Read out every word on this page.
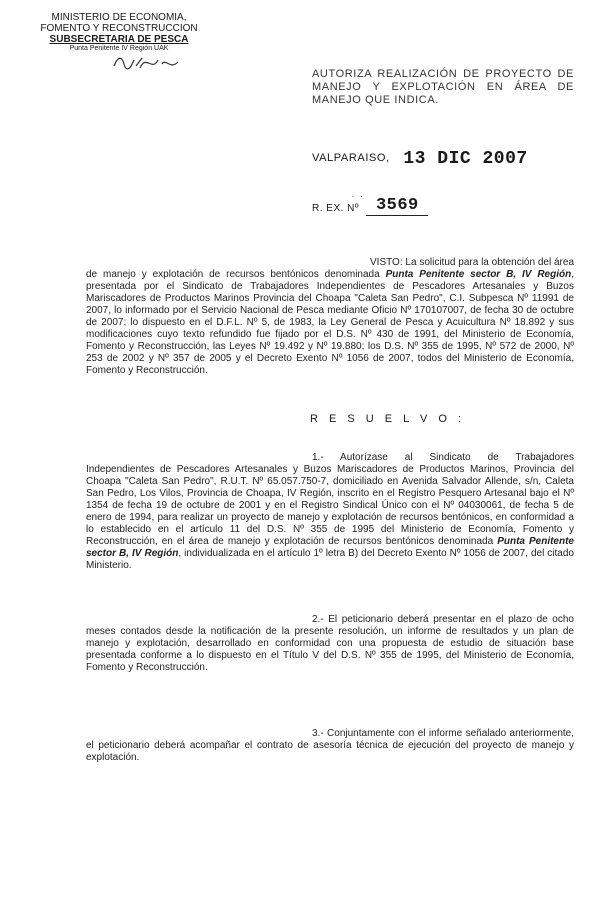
MINISTERIO DE ECONOMIA,
FOMENTO Y RECONSTRUCCION
SUBSECRETARIA DE PESCA
Punta Penitente IV Región UAK
AUTORIZA REALIZACIÓN DE PROYECTO DE MANEJO Y EXPLOTACIÓN EN ÁREA DE MANEJO QUE INDICA.
VALPARAISO, 13 DIC 2007
. .
R. EX. Nº 3569
VISTO: La solicitud para la obtención del área de manejo y explotación de recursos bentónicos denominada Punta Penitente sector B, IV Región, presentada por el Sindicato de Trabajadores Independientes de Pescadores Artesanales y Buzos Mariscadores de Productos Marinos Provincia del Choapa "Caleta San Pedro", C.I. Subpesca Nº 11991 de 2007, lo informado por el Servicio Nacional de Pesca mediante Oficio Nº 170107007, de fecha 30 de octubre de 2007; lo dispuesto en el D.F.L. Nº 5, de 1983, la Ley General de Pesca y Acuicultura Nº 18.892 y sus modificaciones cuyo texto refundido fue fijado por el D.S. Nº 430 de 1991, del Ministerio de Economía, Fomento y Reconstrucción, las Leyes Nº 19.492 y Nº 19.880; los D.S. Nº 355 de 1995, Nº 572 de 2000, Nº 253 de 2002 y Nº 357 de 2005 y el Decreto Exento Nº 1056 de 2007, todos del Ministerio de Economía, Fomento y Reconstrucción.
R E S U E L V O :
1.- Autorízase al Sindicato de Trabajadores Independientes de Pescadores Artesanales y Buzos Mariscadores de Productos Marinos, Provincia del Choapa "Caleta San Pedro", R.U.T. Nº 65.057.750-7, domiciliado en Avenida Salvador Allende, s/n, Caleta San Pedro, Los Vilos, Provincia de Choapa, IV Región, inscrito en el Registro Pesquero Artesanal bajo el Nº 1354 de fecha 19 de octubre de 2001 y en el Registro Sindical Único con el Nº 04030061, de fecha 5 de enero de 1994, para realizar un proyecto de manejo y explotación de recursos bentónicos, en conformidad a lo establecido en el artículo 11 del D.S. Nº 355 de 1995 del Ministerio de Economía, Fomento y Reconstrucción, en el área de manejo y explotación de recursos bentónicos denominada Punta Penitente sector B, IV Región, individualizada en el artículo 1º letra B) del Decreto Exento Nº 1056 de 2007, del citado Ministerio.
2.- El peticionario deberá presentar en el plazo de ocho meses contados desde la notificación de la presente resolución, un informe de resultados y un plan de manejo y explotación, desarrollado en conformidad con una propuesta de estudio de situación base presentada conforme a lo dispuesto en el Título V del D.S. Nº 355 de 1995, del Ministerio de Economía, Fomento y Reconstrucción.
3.- Conjuntamente con el informe señalado anteriormente, el peticionario deberá acompañar el contrato de asesoría técnica de ejecución del proyecto de manejo y explotación.
